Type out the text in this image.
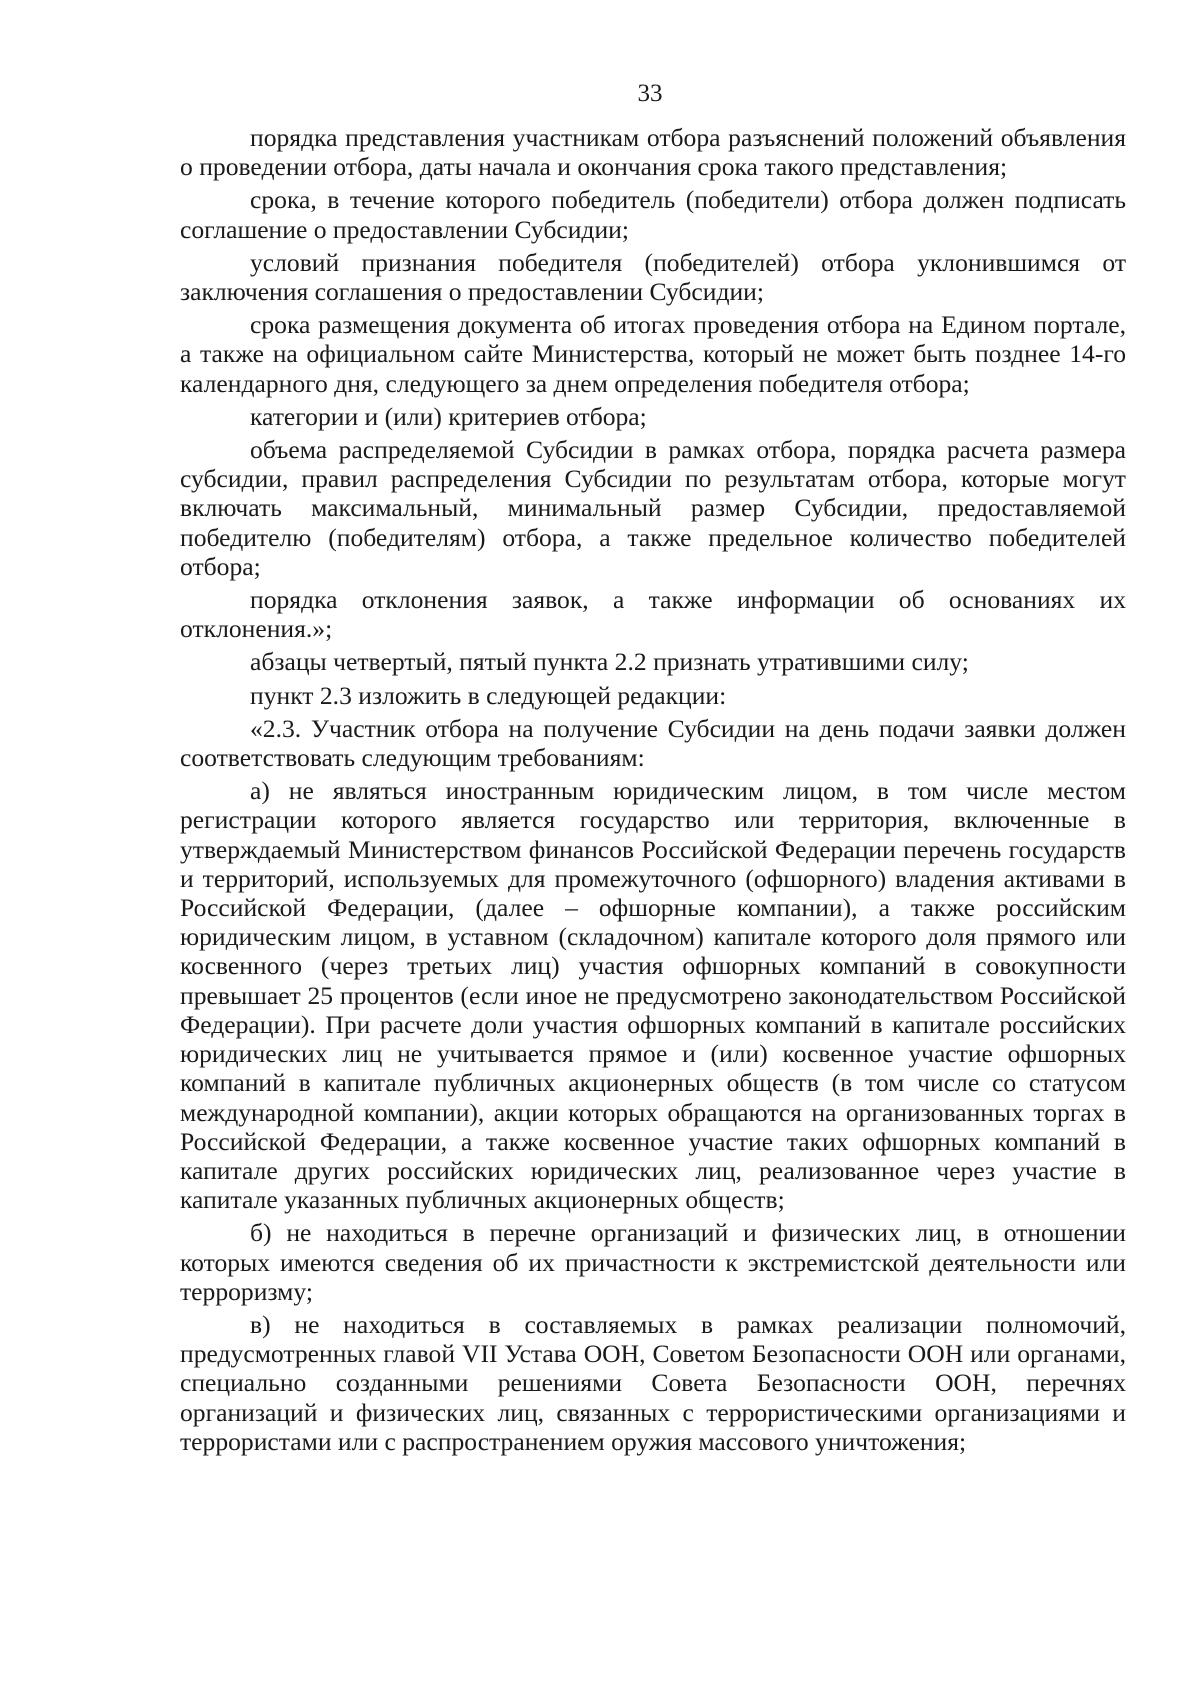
33

порядка представления участникам отбора разъяснений положений объявления о проведении отбора, даты начала и окончания срока такого представления;

срока, в течение которого победитель (победители) отбора должен подписать соглашение о предоставлении Субсидии;

условий признания победителя (победителей) отбора уклонившимся от заключения соглашения о предоставлении Субсидии;

срока размещения документа об итогах проведения отбора на Едином портале, а также на официальном сайте Министерства, который не может быть позднее 14-го календарного дня, следующего за днем определения победителя отбора;

категории и (или) критериев отбора;

объема распределяемой Субсидии в рамках отбора, порядка расчета размера субсидии, правил распределения Субсидии по результатам отбора, которые могут включать максимальный, минимальный размер Субсидии, предоставляемой победителю (победителям) отбора, а также предельное количество победителей отбора;

порядка отклонения заявок, а также информации об основаниях их отклонения.»;

абзацы четвертый, пятый пункта 2.2 признать утратившими силу;

пункт 2.3 изложить в следующей редакции:

«2.3. Участник отбора на получение Субсидии на день подачи заявки должен соответствовать следующим требованиям:

а) не являться иностранным юридическим лицом, в том числе местом регистрации которого является государство или территория, включенные в утверждаемый Министерством финансов Российской Федерации перечень государств и территорий, используемых для промежуточного (офшорного) владения активами в Российской Федерации, (далее – офшорные компании), а также российским юридическим лицом, в уставном (складочном) капитале которого доля прямого или косвенного (через третьих лиц) участия офшорных компаний в совокупности превышает 25 процентов (если иное не предусмотрено законодательством Российской Федерации). При расчете доли участия офшорных компаний в капитале российских юридических лиц не учитывается прямое и (или) косвенное участие офшорных компаний в капитале публичных акционерных обществ (в том числе со статусом международной компании), акции которых обращаются на организованных торгах в Российской Федерации, а также косвенное участие таких офшорных компаний в капитале других российских юридических лиц, реализованное через участие в капитале указанных публичных акционерных обществ;

б) не находиться в перечне организаций и физических лиц, в отношении которых имеются сведения об их причастности к экстремистской деятельности или терроризму;

в) не находиться в составляемых в рамках реализации полномочий, предусмотренных главой VII Устава ООН, Советом Безопасности ООН или органами, специально созданными решениями Совета Безопасности ООН, перечнях организаций и физических лиц, связанных с террористическими организациями и террористами или с распространением оружия массового уничтожения;
